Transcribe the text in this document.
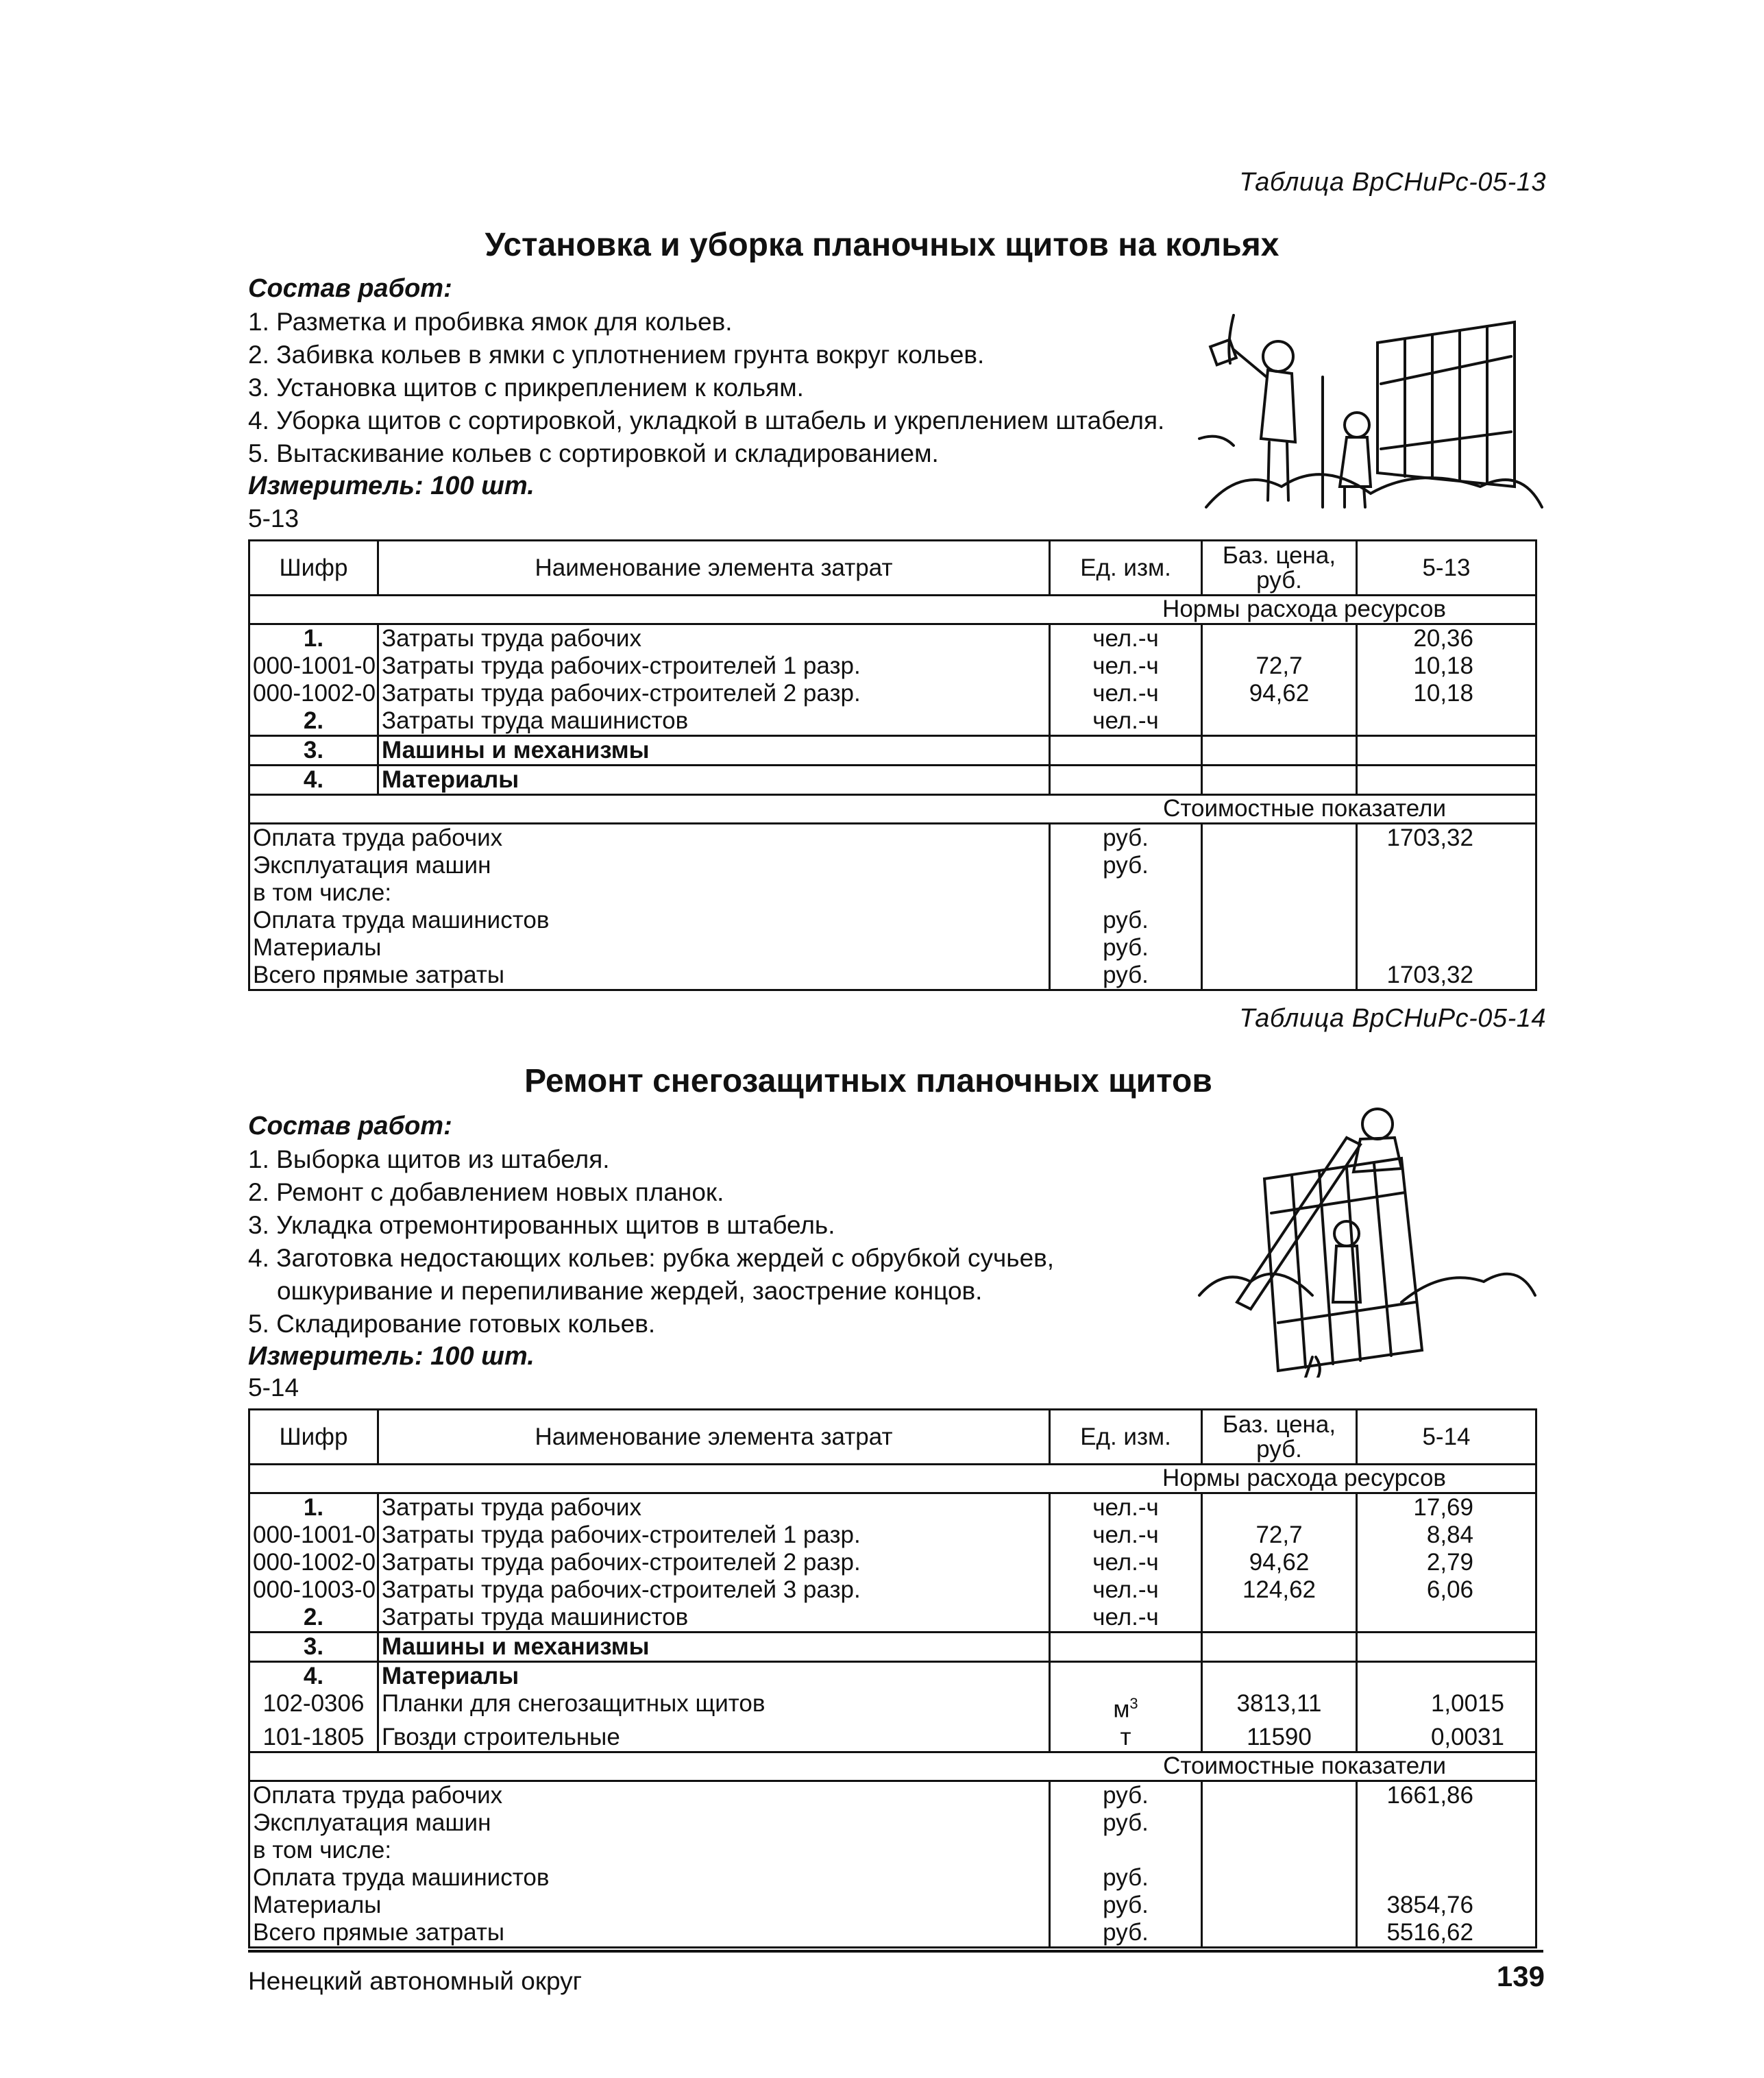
Таблица ВрСНиРс-05-13
Установка и уборка планочных щитов на кольях
Состав работ:
1. Разметка и пробивка ямок для кольев.
2. Забивка кольев в ямки с уплотнением грунта вокруг кольев.
3. Установка щитов с прикреплением к кольям.
4. Уборка щитов с сортировкой, укладкой в штабель и укреплением штабеля.
5. Вытаскивание кольев с сортировкой и складированием.
Измеритель: 100 шт.
5-13
Шифр	Наименование элемента затрат	Ед. изм.	Баз. цена, руб.	5-13
Нормы расхода ресурсов				
1.	Затраты труда рабочих	чел.-ч		20,36
000-1001-0	Затраты труда рабочих-строителей 1 разр.	чел.-ч	72,7	10,18
000-1002-0	Затраты труда рабочих-строителей 2 разр.	чел.-ч	94,62	10,18
2.	Затраты труда машинистов	чел.-ч		
3.	Машины и механизмы			
4.	Материалы			
Стоимостные показатели				
Оплата труда рабочих		руб.		1703,32
Эксплуатация машин		руб.		
в том числе:				
Оплата труда машинистов		руб.		
Материалы		руб.		
Всего прямые затраты		руб.		1703,32
Таблица ВрСНиРс-05-14
Ремонт снегозащитных планочных щитов
Состав работ:
1. Выборка щитов из штабеля.
2. Ремонт с добавлением новых планок.
3. Укладка отремонтированных щитов в штабель.
4. Заготовка недостающих кольев: рубка жердей с обрубкой сучьев,
ошкуривание и перепиливание жердей, заострение концов.
5. Складирование готовых кольев.
Измеритель: 100 шт.
5-14
Шифр	Наименование элемента затрат	Ед. изм.	Баз. цена, руб.	5-14
Нормы расхода ресурсов				
1.	Затраты труда рабочих	чел.-ч		17,69
000-1001-0	Затраты труда рабочих-строителей 1 разр.	чел.-ч	72,7	8,84
000-1002-0	Затраты труда рабочих-строителей 2 разр.	чел.-ч	94,62	2,79
000-1003-0	Затраты труда рабочих-строителей 3 разр.	чел.-ч	124,62	6,06
2.	Затраты труда машинистов	чел.-ч		
3.	Машины и механизмы			
4.	Материалы			
102-0306	Планки для снегозащитных щитов	$м^3$	3813,11	1,0015
101-1805	Гвозди строительные	т	11590	0,0031
Стоимостные показатели				
Оплата труда рабочих		руб.		1661,86
Эксплуатация машин		руб.		
в том числе:				
Оплата труда машинистов		руб.		
Материалы		руб.		3854,76
Всего прямые затраты		руб.		5516,62
Ненецкий автономный округ	139
